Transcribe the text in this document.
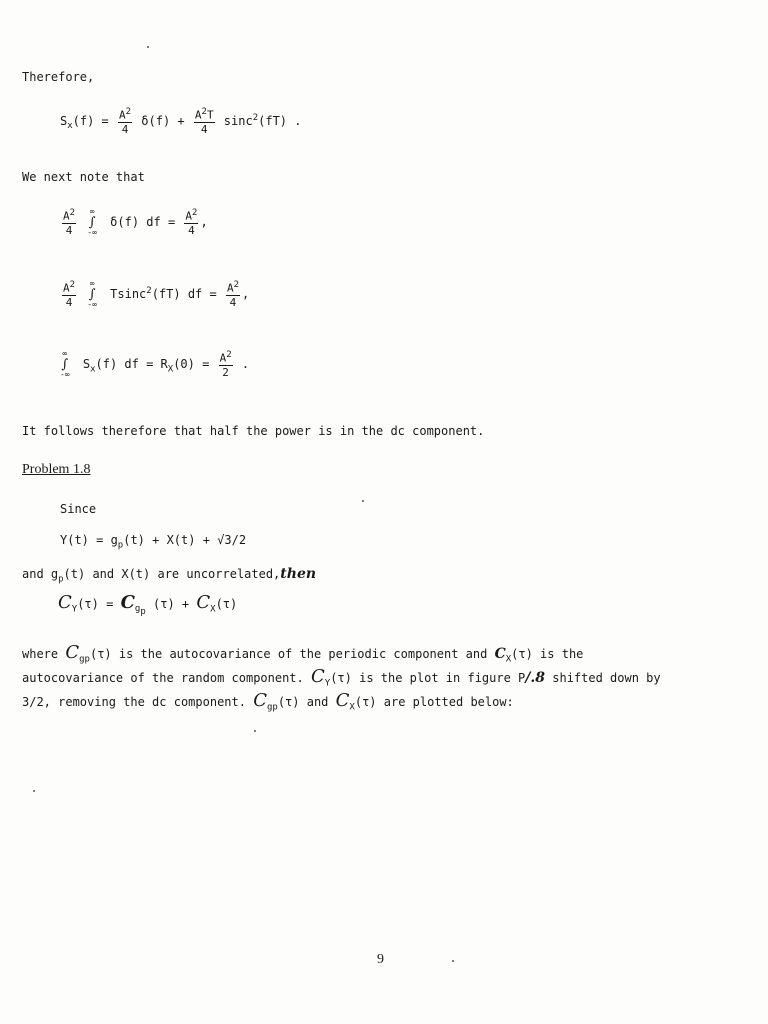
Therefore,
$S_x(f) = \frac{A^2}{4} \delta(f) + \frac{A^2T}{4} \sin c^2(fT)$ .
We next note that
$\frac{A^2}{4}$
∞
∫
-∞
δ(f) df = $\frac{A^2}{4}$ ,
$\frac{A^2}{4}$
∞
∫
-∞
Tsinc$^2$(fT) df = $\frac{A^2}{4}$ ,
∞
∫
-∞
$S_x(f)$ df = $R_X(0) = \frac{A^2}{2}$ .
It follows therefore that half the power is in the dc component.
Problem 1.8
Since
$Y(t) = g_p(t) + X(t) + √3/2$
and $g_p(t)$ and X(t) are uncorrelated,then
$C_Y(\tau) = C_{g_p}$ $(\tau) + C_X(\tau)$
where $C_{gp}(\tau)$ is the autocovariance of the periodic component and $C_X(\tau)$ is the
autocovariance of the random component. $C_Y(\tau)$ is the plot in figure P/.8 shifted down by
3/2, removing the dc component. $C_{gp}(\tau)$ and $C_X(\tau)$ are plotted below:
9
